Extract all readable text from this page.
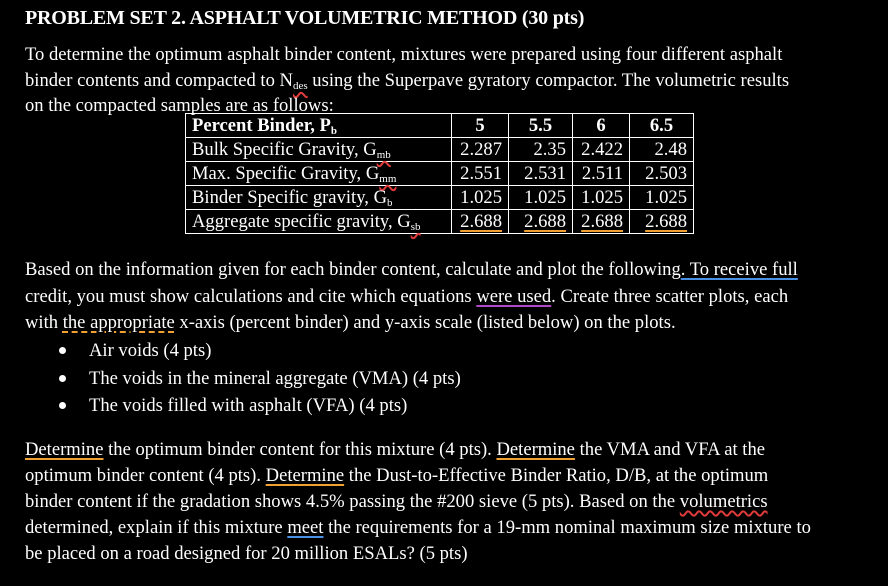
PROBLEM SET 2. ASPHALT VOLUMETRIC METHOD (30 pts)
To determine the optimum asphalt binder content, mixtures were prepared using four different asphalt
binder contents and compacted to $N_{des}$ using the Superpave gyratory compactor. The volumetric results
on the compacted samples are as follows:
Percent Binder, $P_b$	5	5.5	6	6.5
Bulk Specific Gravity, $G_{mb}$	2.287	2.35	2.422	2.48
Max. Specific Gravity, $G_{mm}$	2.551	2.531	2.511	2.503
Binder Specific gravity, $G_b$	1.025	1.025	1.025	1.025
Aggregate specific gravity, $G_{sb}$	2.688	2.688	2.688	2.688
Based on the information given for each binder content, calculate and plot the following. To receive full
credit, you must show calculations and cite which equations were used. Create three scatter plots, each
with the appropriate x-axis (percent binder) and y-axis scale (listed below) on the plots.
Air voids (4 pts)
The voids in the mineral aggregate (VMA) (4 pts)
The voids filled with asphalt (VFA) (4 pts)
Determine the optimum binder content for this mixture (4 pts). Determine the VMA and VFA at the
optimum binder content (4 pts). Determine the Dust-to-Effective Binder Ratio, D/B, at the optimum
binder content if the gradation shows 4.5% passing the #200 sieve (5 pts). Based on the volumetrics
determined, explain if this mixture meet the requirements for a 19-mm nominal maximum size mixture to
be placed on a road designed for 20 million ESALs? (5 pts)
